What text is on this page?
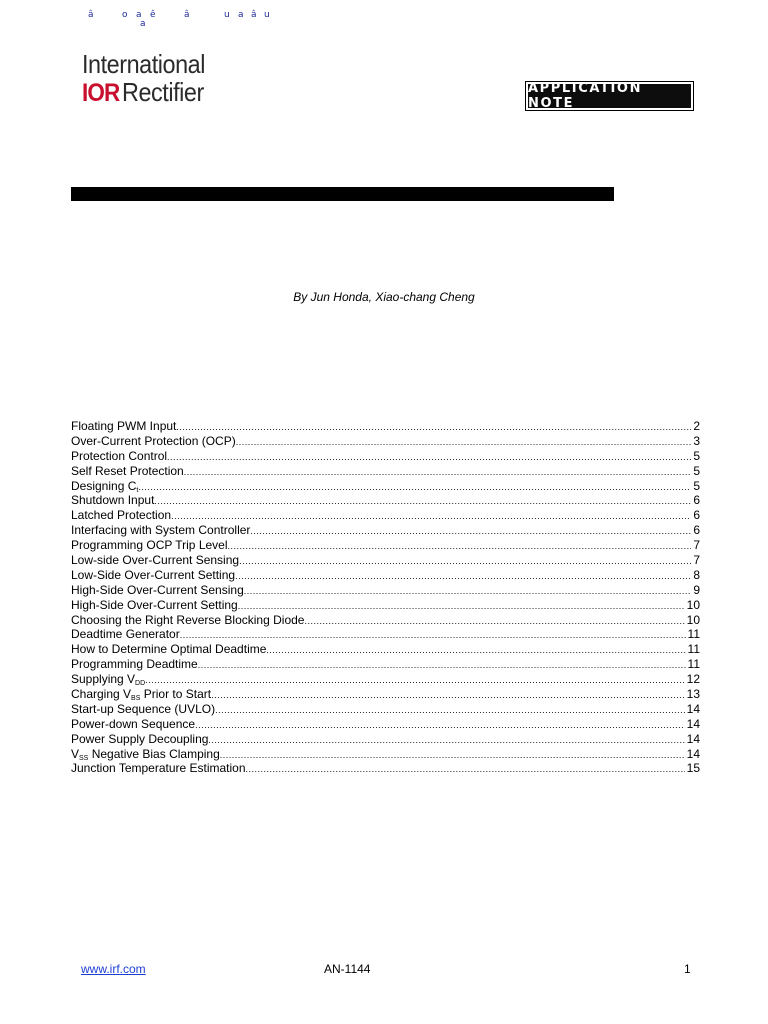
â	o a ê
a
â	u a â u
International
IOR Rectifier	APPLICATION NOTE
By Jun Honda, Xiao-chang Cheng
Floating PWM Input .....	2
Over-Current Protection (OCP) .....	3
Protection Control .....	5
Self Reset Protection .....	5
Designing $C_t$ .....	5
Shutdown Input .....	6
Latched Protection .....	6
Interfacing with System Controller .....	6
Programming OCP Trip Level .....	7
Low-side Over-Current Sensing .....	7
Low-Side Over-Current Setting .....	8
High-Side Over-Current Sensing .....	9
High-Side Over-Current Setting .....	10
Choosing the Right Reverse Blocking Diode .....	10
Deadtime Generator .....	11
How to Determine Optimal Deadtime .....	11
Programming Deadtime .....	11
Supplying $V_{DD}$ .....	12
Charging $V_{BS}$ Prior to Start .....	13
Start-up Sequence (UVLO) .....	14
Power-down Sequence .....	14
Power Supply Decoupling .....	14
$V_{SS}$ Negative Bias Clamping .....	14
Junction Temperature Estimation .....	15
www.irf.com	AN-1144	1
